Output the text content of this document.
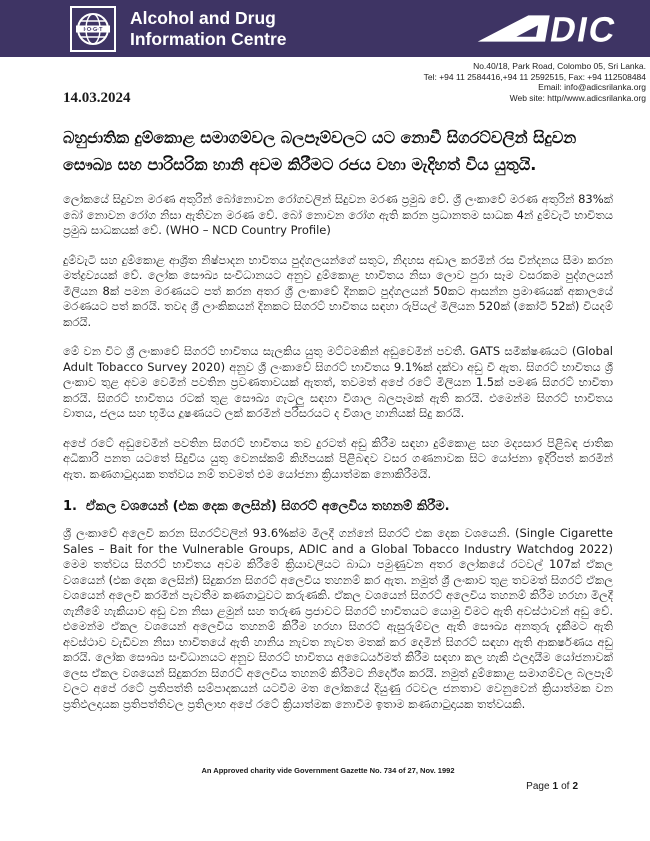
I·O·G·T
Alcohol and Drug
Information Centre	DIC
No.40/18, Park Road, Colombo 05, Sri Lanka.
Tel: +94 11 2584416,+94 11 2592515, Fax: +94 112508484
Email: info@adicsrilanka.org
Web site: http//www.adicsrilanka.org
14.03.2024
බහුජාතික දුම්කොළ සමාගම්වල බලපෑම්වලට යට නොවී සිගරට්වලින් සිදුවන සෞඛ්‍ය සහ පාරිසරික හානි අවම කිරීමට රජය වහා මැදිහත් විය යුතුයි.

ලෝකයේ සිදුවන මරණ අතුරින් බෝනොවන රෝගවලින් සිදුවන මරණ ප්‍රමුඛ වේ. ශ්‍රී ලංකාවේ මරණ අතුරින් 83%ක් බෝ නොවන රෝග නිසා ඇතිවන මරණ වේ. බෝ නොවන රෝග ඇති කරන ප්‍රධානතම සාධක 4න් දුම්වැටි භාවිතය ප්‍රමුඛ සාධකයක් වේ. (WHO – NCD Country Profile)

දුම්වැටි සහ දුම්කොළ ආශ්‍රිත නිෂ්පාදන භාවිතය පුද්ගලයන්ගේ සතුට, නිදහස අඩාල කරමින් රස වින්දනය සීමා කරන මත්ද්‍රව්‍යයක් වේ. ලෝක සෞඛ්‍ය සංවිධානයට අනුව දුම්කොළ භාවිතය නිසා ලොව පුරා සෑම වසරකම පුද්ගලයන් මිලියන 8ක් පමන මරණයට පත් කරන අතර ශ්‍රී ලංකාවේ දිනකට පුද්ගලයන් 50කට ආසන්න ප්‍රමාණයක් අකාලයේ මරණයට පත් කරයි. තවද ශ්‍රී ලාංකිකයන් දිනකට සිගරට් භාවිතය සඳහා රුපියල් මිලියන 520ක් (කෝටි 52ක්) වියදම් කරයි.

මේ වන විට ශ්‍රී ලංකාවේ සිගරට් භාවිතය සැලකිය යුතු මට්ටමකින් අඩුවෙමින් පවතී. GATS සමීක්ෂණයට (Global Adult Tobacco Survey 2020) අනුව ශ්‍රී ලංකාවේ සිගරට් භාවිතය 9.1%ක් දක්වා අඩු වී ඇත. සිගරට් භාවිතය ශ්‍රී ලංකාව තුළ අවම වෙමින් පවතින ප්‍රවණතාවයක් ඇතත්, තවමත් අපේ රටේ මිලියන 1.5ක් පමණ සිගරට් භාවිතා කරයි. සිගරට් භාවිතය රටක් තුළ සෞඛ්‍ය ගැටලු සඳහා විශාල බලපෑමක් ඇති කරයි. එමෙන්ම සිගරට් භාවිතය වාතය, ජලය සහ භූමිය දූෂණයට ලක් කරමින් පරිසරයට ද විශාල හානියක් සිදු කරයි.

අපේ රටේ අඩුවෙමින් පවතින සිගරට් භාවිතය තව දුරටත් අඩු කිරීම සඳහා දුම්කොළ සහ මද්‍යසාර පිළිබඳ ජාතික අධිකාරි පනත යටතේ සිදුවිය යුතු වෙනස්කම් කිහිපයක් පිළිබඳව වසර ගණනාවක සිට යෝජනා ඉදිරිපත් කරමින් ඇත. කණගාටුදායක තත්වය නම් තවමත් එම යෝජනා ක්‍රියාත්මක නොකිරීමයි.

1. ඒකල වශයෙන් (එක දෙක ලෙසින්) සිගරට් අලෙවිය තහනම් කිරීම.

ශ්‍රී ලංකාවේ අලෙවි කරන සිගරට්වලින් 93.6%ක්ම මිලදී ගන්නේ සිගරට් එක දෙක වශයෙනි. (Single Cigarette Sales – Bait for the Vulnerable Groups, ADIC and a Global Tobacco Industry Watchdog 2022) මෙම තත්වය සිගරට් භාවිතය අවම කිරීමේ ක්‍රියාවලියට බාධා පමුණුවන අතර ලෝකයේ රටවල් 107ක් ඒකල වශයෙන් (එක දෙක ලෙසින්) සිදුකරන සිගරට් අලෙවිය තහනම් කර ඇත. නමුත් ශ්‍රී ලංකාව තුළ තවමත් සිගරට් ඒකල වශයෙන් අලෙවි කරමින් පැවතීම කණගාටුවට කරුණකි. ඒකල වශයෙන් සිගරට් අලෙවිය තහනම් කිරීම හරහා මිලදී ගැනීමේ හැකියාව අඩු වන නිසා ළමුන් සහ තරුණ ප්‍රජාවට සිගරට් භාවිතයට යොමු විමට ඇති අවස්ථාවන් අඩු වේ. එමෙන්ම ඒකල වශයෙන් අලෙවිය තහනම් කිරීම හරහා සිගරට් ඇසුරුම්වල ඇති සෞඛ්‍ය අනතුරු දැකීමට ඇති අවස්ථාව වැඩිවන නිසා භාවිතයේ ඇති හානිය නැවත නැවත මතක් කර දෙමින් සිගරට් සඳහා ඇති ආකර්ෂණය අඩු කරයි. ලෝක සෞඛ්‍ය සංවිධානයට අනුව සිගරට් භාවිතය අධෛර්යමත් කිරීම සඳහා කල හැකි ඵලදායීම යෝජනාවක් ලෙස ඒකල වශයෙන් සිදුකරන සිගරට් අලෙවිය තහනම් කිරීමට නිර්දේශ කරයි. නමුත් දුම්කොළ සමාගම්වල බලපෑම් වලට අපේ රටේ ප්‍රතිපත්ති සම්පාදකයන් යටවීම මත ලෝකයේ දියුණු රටවල ජනතාව වෙනුවෙන් ක්‍රියාත්මක වන ප්‍රතිඵලදායක ප්‍රතිපත්තිවල ප්‍රතිලාභ අපේ රටේ ක්‍රියාත්මක නොවීම ඉතාම කණගාටුදායක තත්වයකි.

An Approved charity vide Government Gazette No. 734 of 27, Nov. 1992
Page 1 of 2
